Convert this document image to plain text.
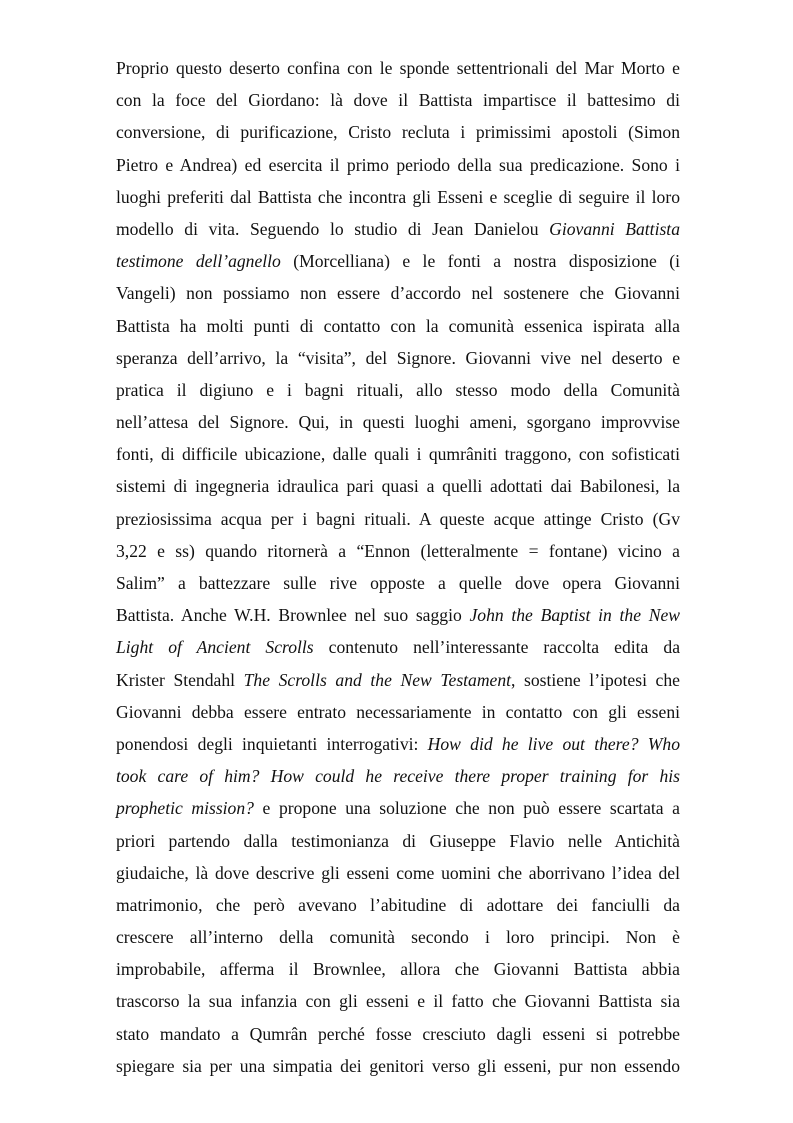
Proprio questo deserto confina con le sponde settentrionali del Mar Morto e
con la foce del Giordano: là dove il Battista impartisce il battesimo di
conversione, di purificazione, Cristo recluta i primissimi apostoli (Simon
Pietro e Andrea) ed esercita il primo periodo della sua predicazione. Sono i
luoghi preferiti dal Battista che incontra gli Esseni e sceglie di seguire il loro
modello di vita. Seguendo lo studio di Jean Danielou Giovanni Battista
testimone dell’agnello (Morcelliana) e le fonti a nostra disposizione (i
Vangeli) non possiamo non essere d’accordo nel sostenere che Giovanni
Battista ha molti punti di contatto con la comunità essenica ispirata alla
speranza dell’arrivo, la “visita”, del Signore. Giovanni vive nel deserto e
pratica il digiuno e i bagni rituali, allo stesso modo della Comunità
nell’attesa del Signore. Qui, in questi luoghi ameni, sgorgano improvvise
fonti, di difficile ubicazione, dalle quali i qumrâniti traggono, con sofisticati
sistemi di ingegneria idraulica pari quasi a quelli adottati dai Babilonesi, la
preziosissima acqua per i bagni rituali. A queste acque attinge Cristo (Gv
3,22 e ss) quando ritornerà a “Ennon (letteralmente = fontane) vicino a
Salim” a battezzare sulle rive opposte a quelle dove opera Giovanni
Battista. Anche W.H. Brownlee nel suo saggio John the Baptist in the New
Light of Ancient Scrolls contenuto nell’interessante raccolta edita da
Krister Stendahl The Scrolls and the New Testament, sostiene l’ipotesi che
Giovanni debba essere entrato necessariamente in contatto con gli esseni
ponendosi degli inquietanti interrogativi: How did he live out there? Who
took care of him? How could he receive there proper training for his
prophetic mission? e propone una soluzione che non può essere scartata a
priori partendo dalla testimonianza di Giuseppe Flavio nelle Antichità
giudaiche, là dove descrive gli esseni come uomini che aborrivano l’idea del
matrimonio, che però avevano l’abitudine di adottare dei fanciulli da
crescere all’interno della comunità secondo i loro principi. Non è
improbabile, afferma il Brownlee, allora che Giovanni Battista abbia
trascorso la sua infanzia con gli esseni e il fatto che Giovanni Battista sia
stato mandato a Qumrân perché fosse cresciuto dagli esseni si potrebbe
spiegare sia per una simpatia dei genitori verso gli esseni, pur non essendo
